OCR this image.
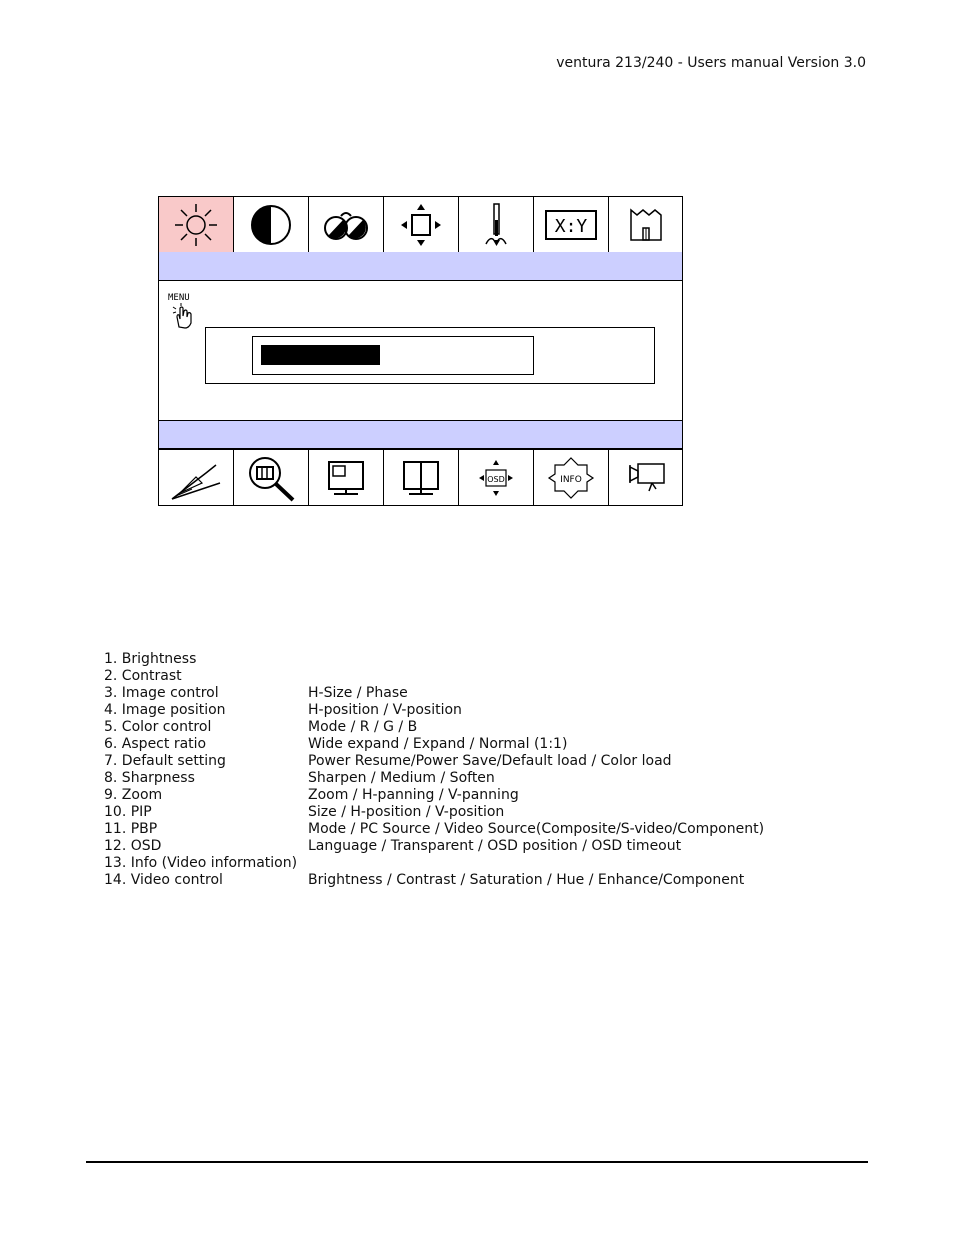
ventura 213/240 - Users manual Version 3.0
X:Y
MENU
OSD	INFO
1. Brightness
2. Contrast
3. Image control	H-Size / Phase
4. Image position	H-position / V-position
5. Color control	Mode / R / G / B
6. Aspect ratio	Wide expand / Expand / Normal (1:1)
7. Default setting	Power Resume/Power Save/Default load / Color load
8. Sharpness	Sharpen / Medium / Soften
9. Zoom	Zoom / H-panning / V-panning
10. PIP	Size / H-position / V-position
11. PBP	Mode / PC Source / Video Source(Composite/S-video/Component)
12. OSD	Language / Transparent / OSD position / OSD timeout
13. Info (Video information)
14. Video control	Brightness / Contrast / Saturation / Hue / Enhance/Component
